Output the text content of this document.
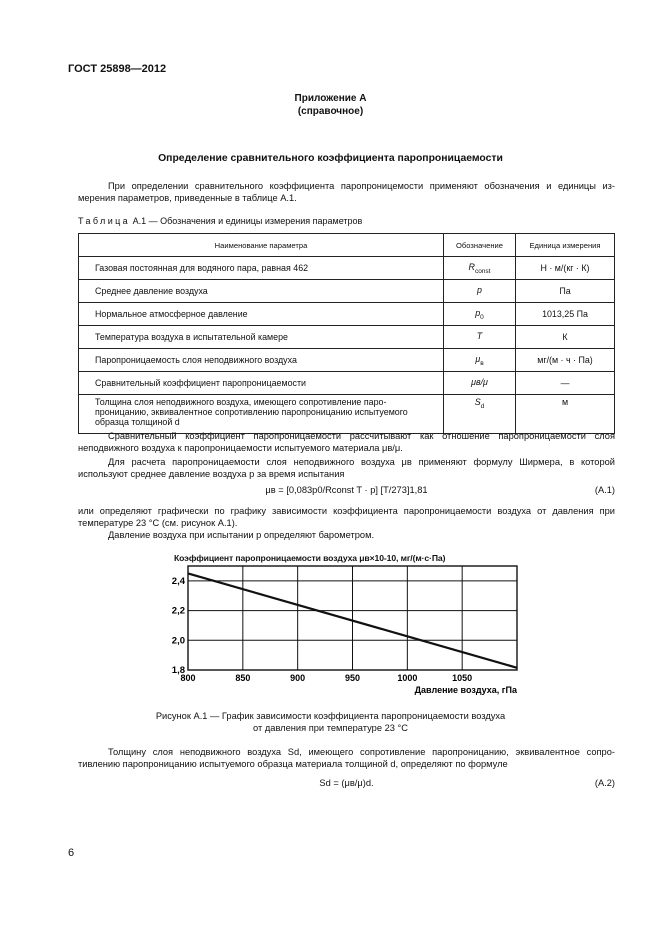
ГОСТ 25898—2012
Приложение А
(справочное)
Определение сравнительного коэффициента паропроницаемости
При определении сравнительного коэффициента паропроницемости применяют обозначения и единицы из-мерения параметров, приведенные в таблице А.1.
Таблица А.1 — Обозначения и единицы измерения параметров
Наименование параметра	Обозначение	Единица измерения
Газовая постоянная для водяного пара, равная 462	$R_{const}$	Н · м/(кг · К)
Среднее давление воздуха	p	Па
Нормальное атмосферное давление	$p_0$	1013,25 Па
Температура воздуха в испытательной камере	T	К
Паропроницаемость слоя неподвижного воздуха	$\mu_в$	мг/(м · ч · Па)
Сравнительный коэффициент паропроницаемости	μв/μ	—
Толщина слоя неподвижного воздуха, имеющего сопротивление паро-проницанию, эквивалентное сопротивлению паропроницанию испытуемого образца толщиной d	$S_d$	м
Сравнительный коэффициент паропроницаемости рассчитывают как отношение паропроницаемости слоя неподвижного воздуха к паропроницаемости испытуемого материала μв/μ.
Для расчета паропроницаемости слоя неподвижного воздуха μв применяют формулу Ширмера, в которой используют среднее давление воздуха p за время испытания
μв = [0,083p0/Rconst T · p] [T/273]1,81	(А.1)
или определяют графически по графику зависимости коэффициента паропроницаемости воздуха от давления при температуре 23 °С (см. рисунок А.1).
Давление воздуха при испытании p определяют барометром.
Коэффициент паропроницаемости воздуха μв×10-10, мг/(м·с·Па)
2,4
2,2
2,0
1,8
800	850	900	950	1000	1050
Давление воздуха, гПа
Рисунок А.1 — График зависимости коэффициента паропроницаемости воздуха
от давления при температуре 23 °С
Толщину слоя неподвижного воздуха Sd, имеющего сопротивление паропроницанию, эквивалентное сопро-тивлению паропроницанию испытуемого образца материала толщиной d, определяют по формуле
Sd = (μв/μ)d.	(А.2)
6
